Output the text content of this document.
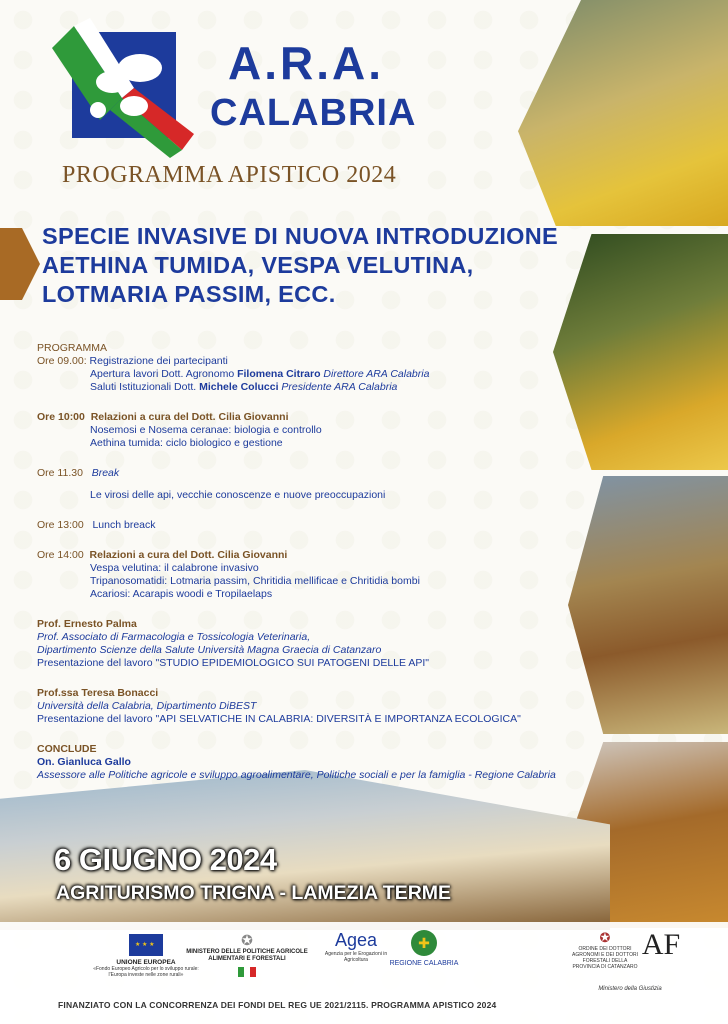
A.R.A.
CALABRIA
PROGRAMMA APISTICO 2024
SPECIE INVASIVE DI NUOVA INTRODUZIONE
AETHINA TUMIDA, VESPA VELUTINA,
LOTMARIA PASSIM, ECC.
PROGRAMMA
Ore 09.00: Registrazione dei partecipanti
Apertura lavori Dott. Agronomo Filomena Citraro Direttore ARA Calabria
Saluti Istituzionali Dott. Michele Colucci Presidente ARA Calabria
Ore 10:00 Relazioni a cura del Dott. Cilia Giovanni
Nosemosi e Nosema ceranae: biologia e controllo
Aethina tumida: ciclo biologico e gestione
Ore 11.30 Break
Le virosi delle api, vecchie conoscenze e nuove preoccupazioni
Ore 13:00 Lunch breack
Ore 14:00 Relazioni a cura del Dott. Cilia Giovanni
Vespa velutina: il calabrone invasivo
Tripanosomatidi: Lotmaria passim, Chritidia mellificae e Chritidia bombi
Acariosi: Acarapis woodi e Tropilaelaps
Prof. Ernesto Palma
Prof. Associato di Farmacologia e Tossicologia Veterinaria,
Dipartimento Scienze della Salute Università Magna Graecia di Catanzaro
Presentazione del lavoro "STUDIO EPIDEMIOLOGICO SUI PATOGENI DELLE API"
Prof.ssa Teresa Bonacci
Università della Calabria, Dipartimento DiBEST
Presentazione del lavoro "API SELVATICHE IN CALABRIA: DIVERSITÀ E IMPORTANZA ECOLOGICA"
CONCLUDE
On. Gianluca Gallo
Assessore alle Politiche agricole e sviluppo agroalimentare, Politiche sociali e per la famiglia - Regione Calabria
6 GIUGNO 2024
AGRITURISMO TRIGNA - LAMEZIA TERME
★ ★ ★
UNIONE EUROPEA
«Fondo Europeo Agricolo per lo sviluppo rurale: l'Europa investe nelle zone rurali»
✪
MINISTERO DELLE POLITICHE AGRICOLE ALIMENTARI E FORESTALI
Agea
Agenzia per le Erogazioni in Agricoltura
✚
REGIONE CALABRIA
✪
ORDINE DEI DOTTORI AGRONOMI E DEI DOTTORI FORESTALI DELLA PROVINCIA DI CATANZARO
AF
Ministero della Giustizia
FINANZIATO CON LA CONCORRENZA DEI FONDI DEL REG UE 2021/2115. PROGRAMMA APISTICO 2024
